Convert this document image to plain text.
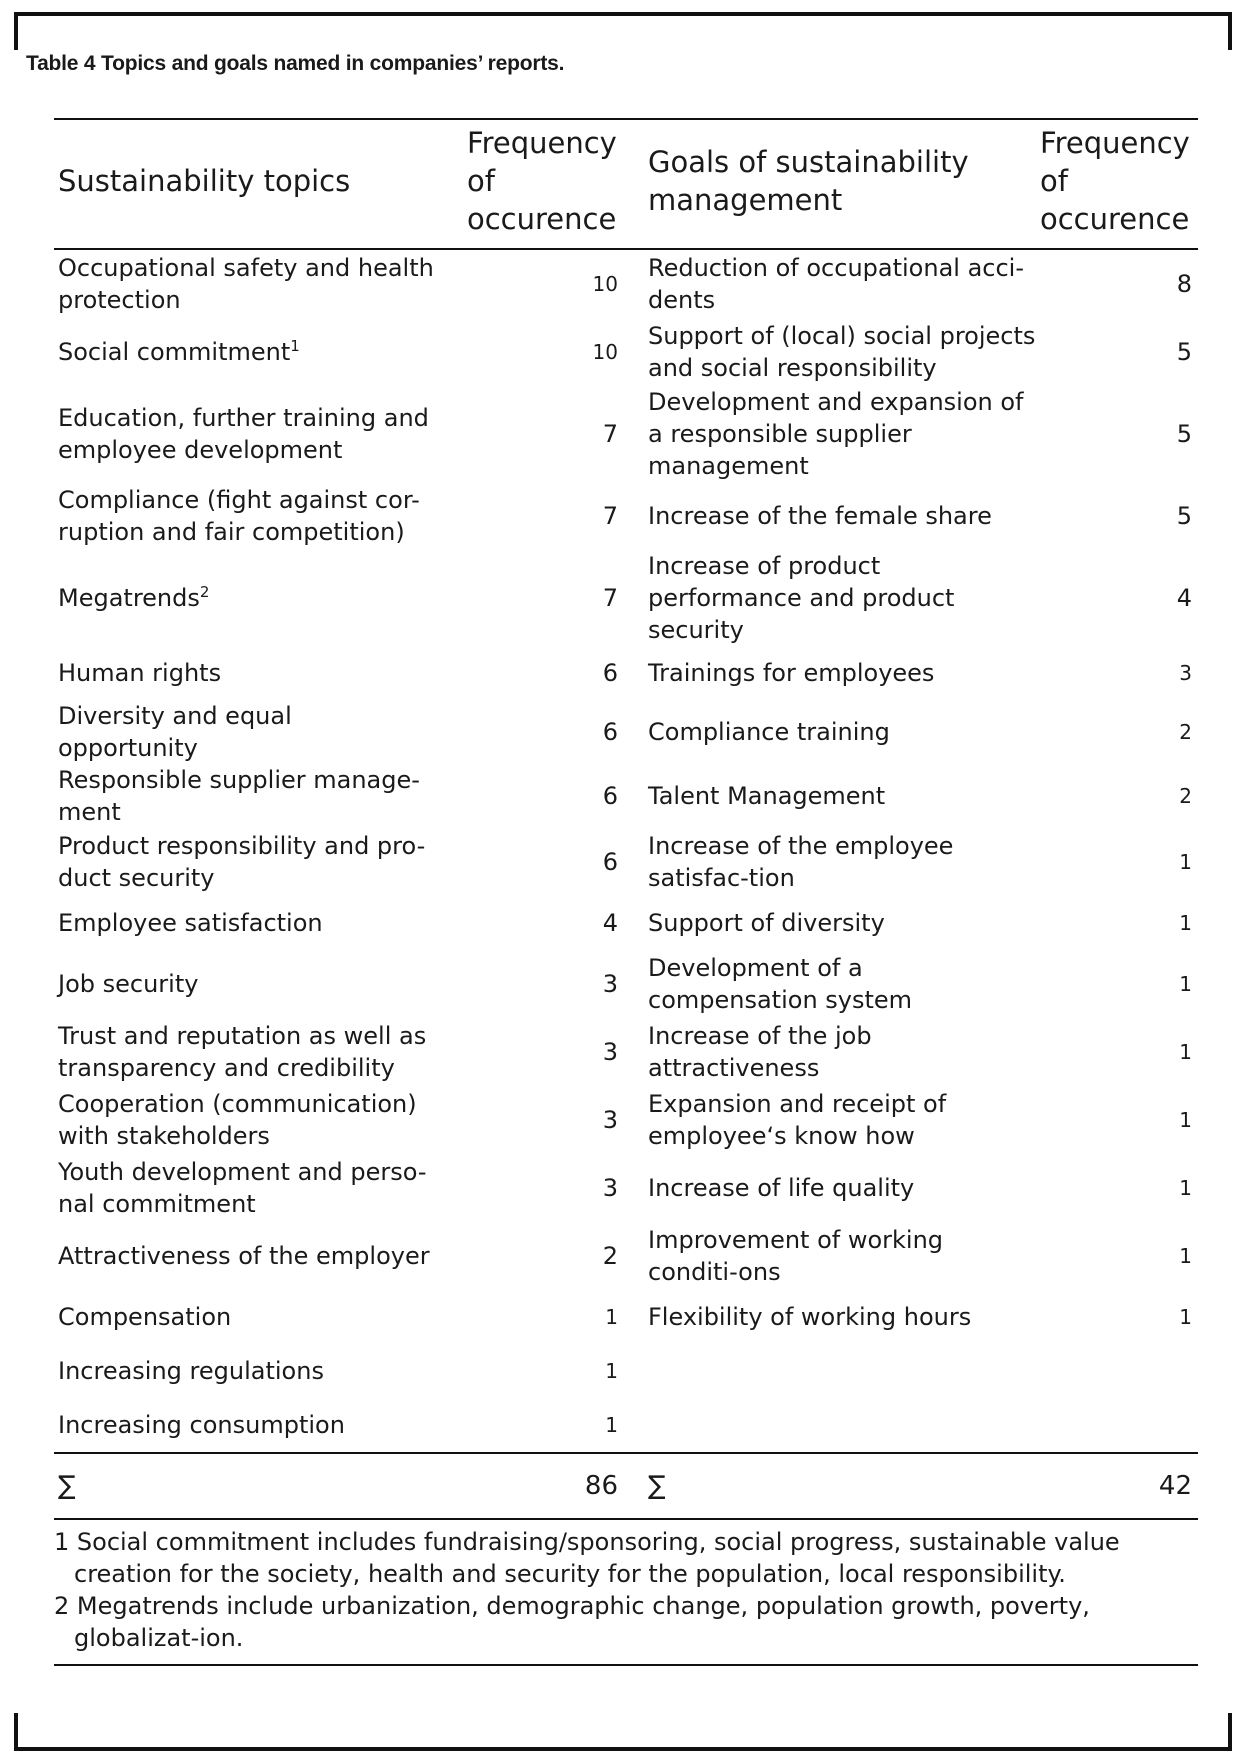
Table 4 Topics and goals named in companies’ reports.
Sustainability topics	Frequency of occurence	Goals of sustainability management	Frequency of occurence
Occupational safety and health protection	10	Reduction of occupational acci-dents	8
Social commitment$^1$	10	Support of (local) social projects and social responsibility	5
Education, further training and employee development	7	Development and expansion of a responsible supplier management	5
Compliance (fight against cor-ruption and fair competition)	7	Increase of the female share	5
Megatrends$^2$	7	Increase of product performance and product security	4
Human rights	6	Trainings for employees	3
Diversity and equal opportunity	6	Compliance training	2
Responsible supplier manage-ment	6	Talent Management	2
Product responsibility and pro-duct security	6	Increase of the employee satisfac-tion	1
Employee satisfaction	4	Support of diversity	1
Job security	3	Development of a compensation system	1
Trust and reputation as well as transparency and credibility	3	Increase of the job attractiveness	1
Cooperation (communication) with stakeholders	3	Expansion and receipt of employee‘s know how	1
Youth development and perso-nal commitment	3	Increase of life quality	1
Attractiveness of the employer	2	Improvement of working conditi-ons	1
Compensation	1	Flexibility of working hours	1
Increasing regulations	1		
Increasing consumption	1		
∑	86	∑	42
1 Social commitment includes fundraising/sponsoring, social progress, sustainable value creation for the society, health and security for the population, local responsibility.
2 Megatrends include urbanization, demographic change, population growth, poverty, globalizat-ion.
